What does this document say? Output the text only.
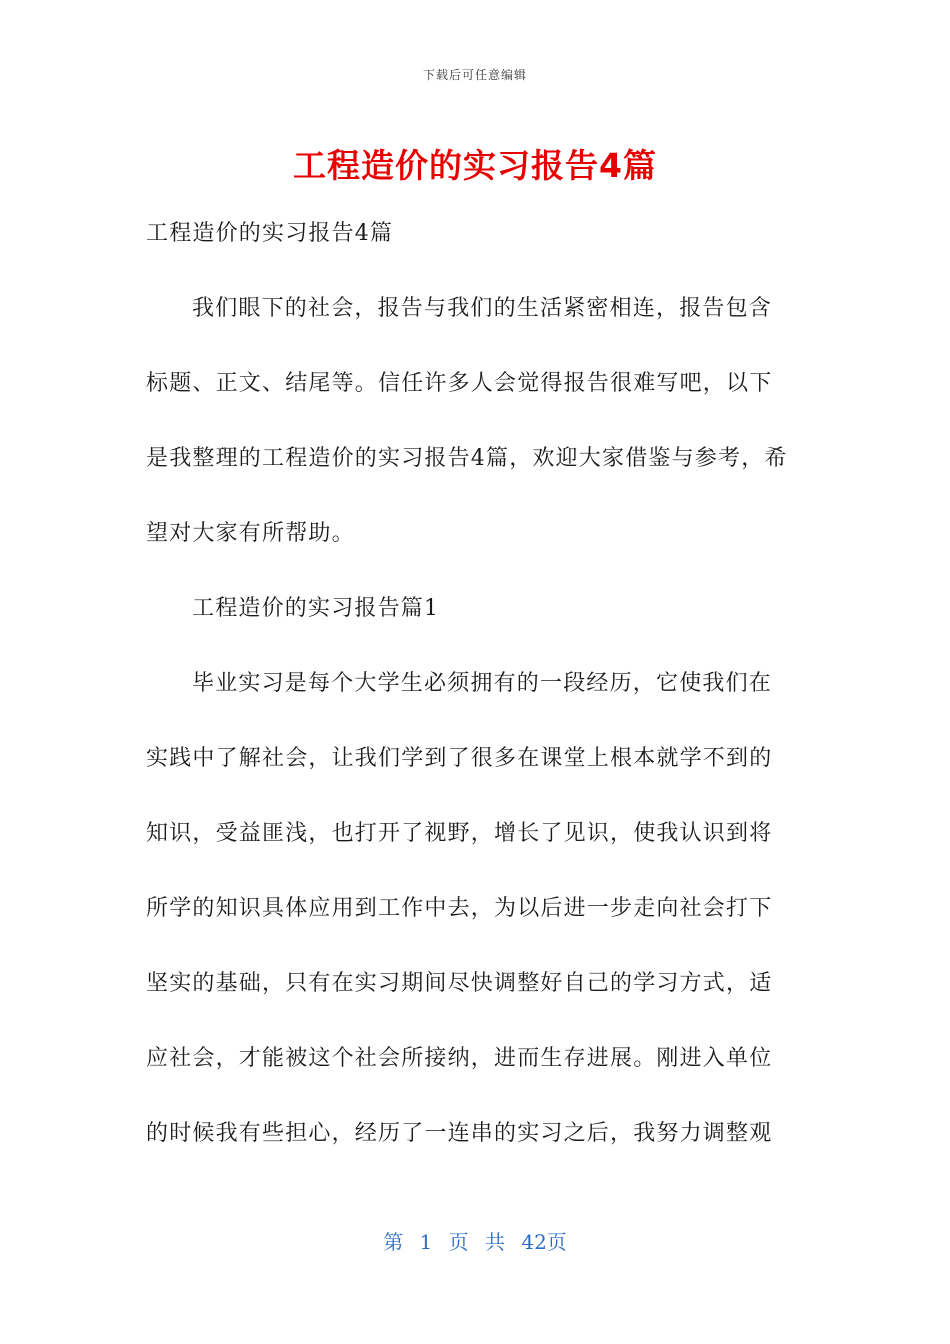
下载后可任意编辑
工程造价的实习报告4篇

工程造价的实习报告4篇

我们眼下的社会，报告与我们的生活紧密相连，报告包含标题、正文、结尾等。信任许多人会觉得报告很难写吧，以下是我整理的工程造价的实习报告4篇，欢迎大家借鉴与参考，希望对大家有所帮助。

工程造价的实习报告篇1

毕业实习是每个大学生必须拥有的一段经历，它使我们在实践中了解社会，让我们学到了很多在课堂上根本就学不到的知识，受益匪浅，也打开了视野，增长了见识，使我认识到将所学的知识具体应用到工作中去，为以后进一步走向社会打下坚实的基础，只有在实习期间尽快调整好自己的学习方式，适应社会，才能被这个社会所接纳，进而生存进展。刚进入单位的时候我有些担心，经历了一连串的实习之后，我努力调整观

第 1 页 共 42页
